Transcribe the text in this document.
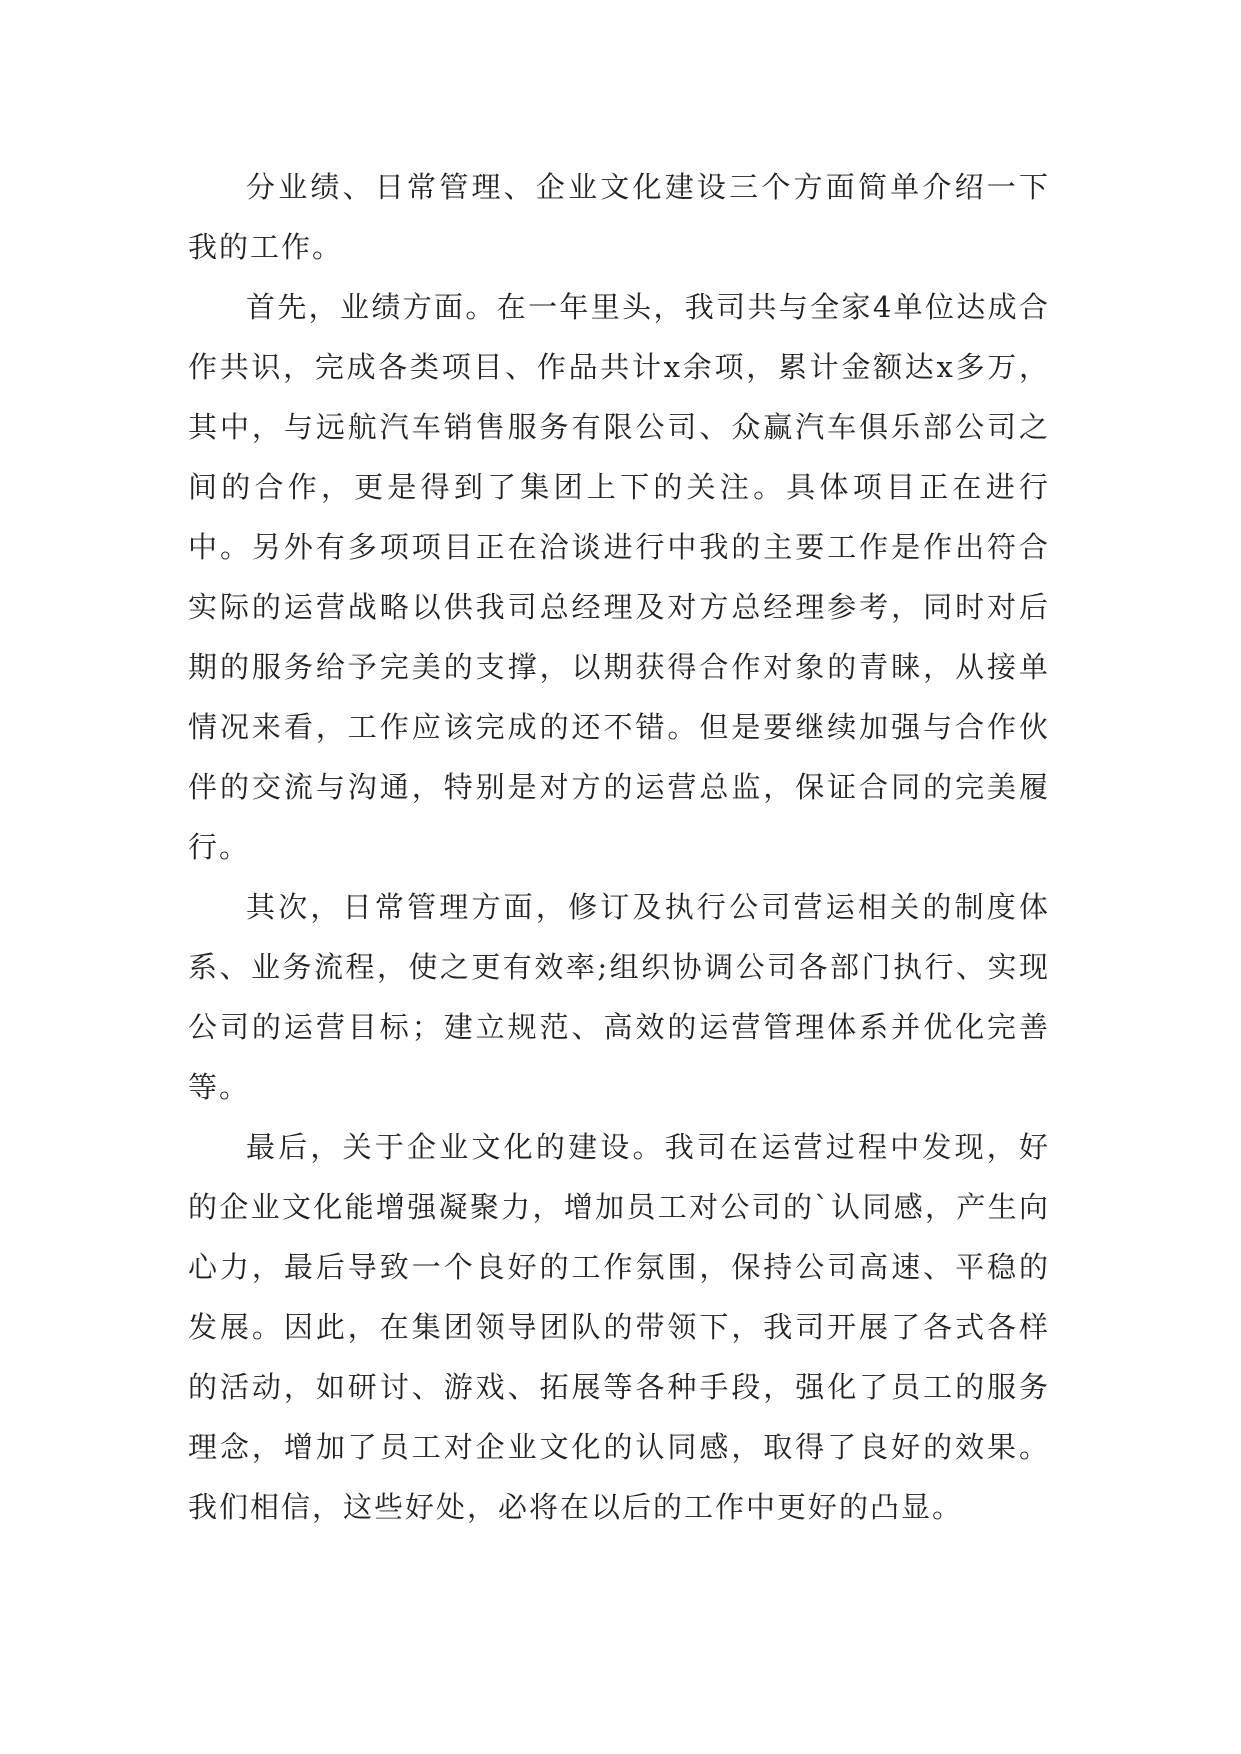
分业绩、日常管理、企业文化建设三个方面简单介绍一下我的工作。

首先，业绩方面。在一年里头，我司共与全家4单位达成合作共识，完成各类项目、作品共计x余项，累计金额达x多万，其中，与远航汽车销售服务有限公司、众赢汽车俱乐部公司之间的合作，更是得到了集团上下的关注。具体项目正在进行中。另外有多项项目正在洽谈进行中我的主要工作是作出符合实际的运营战略以供我司总经理及对方总经理参考，同时对后期的服务给予完美的支撑，以期获得合作对象的青睐，从接单情况来看，工作应该完成的还不错。但是要继续加强与合作伙伴的交流与沟通，特别是对方的运营总监，保证合同的完美履行。

其次，日常管理方面，修订及执行公司营运相关的制度体系、业务流程，使之更有效率;组织协调公司各部门执行、实现公司的运营目标；建立规范、高效的运营管理体系并优化完善等。

最后，关于企业文化的建设。我司在运营过程中发现，好的企业文化能增强凝聚力，增加员工对公司的`认同感，产生向心力，最后导致一个良好的工作氛围，保持公司高速、平稳的发展。因此，在集团领导团队的带领下，我司开展了各式各样的活动，如研讨、游戏、拓展等各种手段，强化了员工的服务理念，增加了员工对企业文化的认同感，取得了良好的效果。我们相信，这些好处，必将在以后的工作中更好的凸显。
